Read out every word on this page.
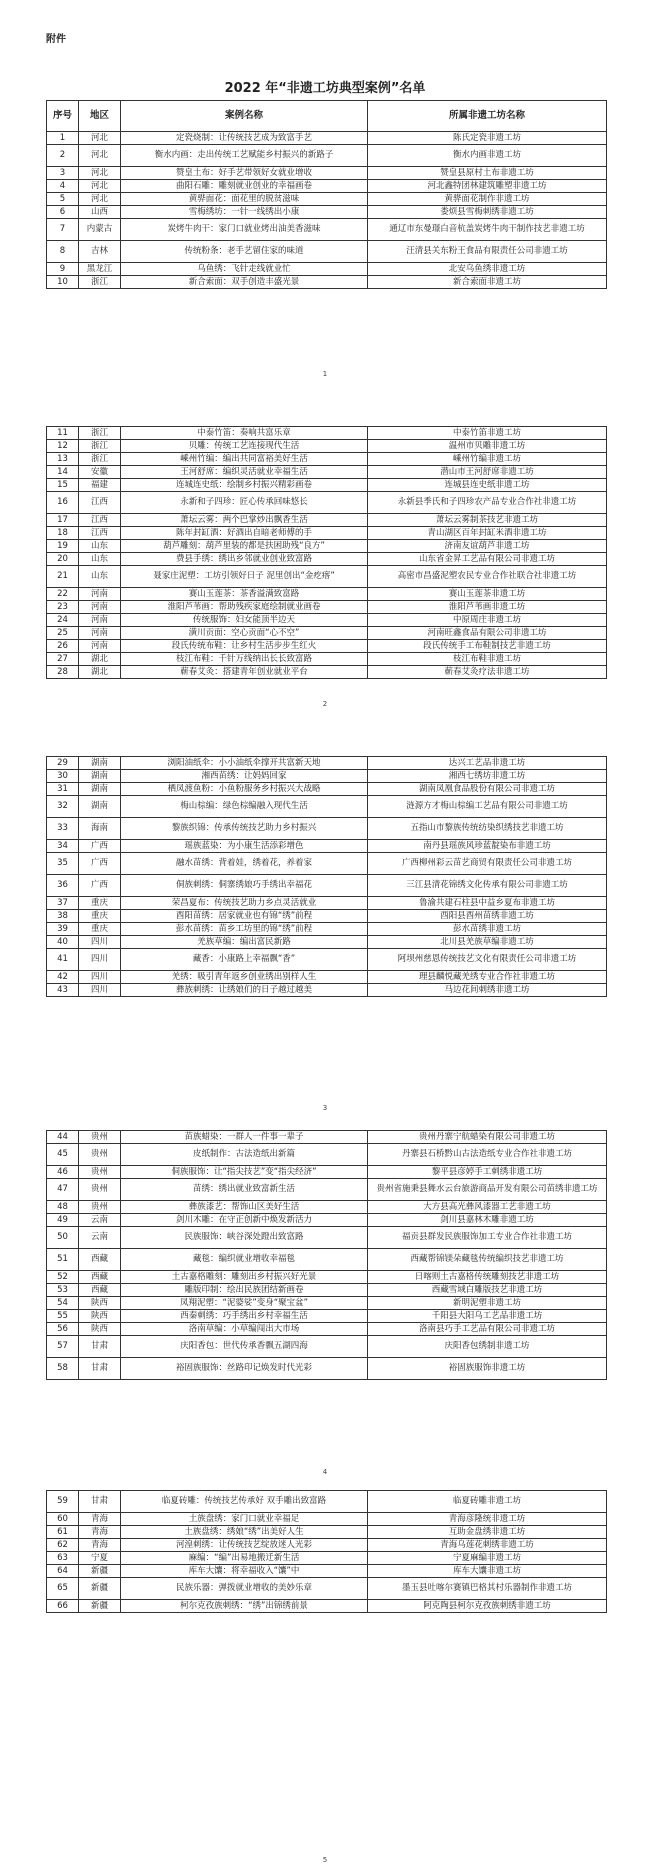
附件
2022 年“非遗工坊典型案例”名单
序号	地区	案例名称	所属非遗工坊名称
1	河北	定瓷烧制：让传统技艺成为致富手艺	陈氏定瓷非遗工坊
2	河北	衡水内画：走出传统工艺赋能乡村振兴的新路子	衡水内画非遗工坊
3	河北	赞皇土布：好手艺带领好女就业增收	赞皇县原村土布非遗工坊
4	河北	曲阳石雕：雕刻就业创业的幸福画卷	河北鑫特团林建筑雕塑非遗工坊
5	河北	黄骅面花：面花里的脱贫滋味	黄骅面花制作非遗工坊
6	山西	雪梅绣坊：一针一线绣出小康	娄烦县雪梅刺绣非遗工坊
7	内蒙古	炭烤牛肉干：家门口就业烤出油美香滋味	通辽市东曼璟白音杭盖炭烤牛肉干制作技艺非遗工坊
8	吉林	传统粉条：老手艺留住家的味道	汪清县关东粉王食品有限责任公司非遗工坊
9	黑龙江	乌鱼绣：飞针走线就业忙	北安乌鱼绣非遗工坊
10	浙江	新合索面：双手创造丰盛光景	新合索面非遗工坊
1
11	浙江	中泰竹笛：奏响共富乐章	中泰竹笛非遗工坊
12	浙江	贝雕：传统工艺连接现代生活	温州市贝雕非遗工坊
13	浙江	嵊州竹编：编出共同富裕美好生活	嵊州竹编非遗工坊
14	安徽	王河舒席：编织灵活就业幸福生活	潜山市王河舒席非遗工坊
15	福建	连城连史纸：绘制乡村振兴精彩画卷	连城县连史纸非遗工坊
16	江西	永新和子四珍：匠心传承回味悠长	永新县季氏和子四珍农产品专业合作社非遗工坊
17	江西	萧坛云雾：两个巴掌炒出飘香生活	萧坛云雾制茶技艺非遗工坊
18	江西	陈年封缸酒：好酒出自暗老师傅的手	青山湖区百年封缸米酒非遗工坊
19	山东	葫芦雕刻：葫芦里装的都是扶困助残“良方”	济南友谊葫芦非遗工坊
20	山东	费县手绣：绣出乡邻就业创业致富路	山东省金昇工艺品有限公司非遗工坊
21	山东	聂家庄泥塑：工坊引领好日子 泥里创出“金疙瘩”	高密市昌盛泥塑农民专业合作社联合社非遗工坊
22	河南	赛山玉莲茶：茶香溢满致富路	赛山玉莲茶非遗工坊
23	河南	淮阳芦苇画：帮助残疾家庭绘制就业画卷	淮阳芦苇画非遗工坊
24	河南	传统服饰：妇女能顶半边天	中原周庄非遗工坊
25	河南	潢川贡面：空心贡面“心不空”	河南旺鑫食品有限公司非遗工坊
26	河南	段氏传统布鞋：让乡村生活步步生红火	段氏传统手工布鞋制技艺非遗工坊
27	湖北	枝江布鞋：千针万线纳出长长致富路	枝江布鞋非遗工坊
28	湖北	蕲春艾灸：搭建青年创业就业平台	蕲春艾灸疗法非遗工坊
2
29	湖南	浏阳油纸伞：小小油纸伞撑开共富新天地	达兴工艺品非遗工坊
30	湖南	湘西苗绣：让妈妈回家	湘西七绣坊非遗工坊
31	湖南	栖凤渡鱼粉：小鱼粉服务乡村振兴大战略	湖南凤凰食品股份有限公司非遗工坊
32	湖南	梅山棕编：绿色棕编融入现代生活	涟源方才梅山棕编工艺品有限公司非遗工坊
33	海南	黎族织锦：传承传统技艺助力乡村振兴	五指山市黎族传统纺染织绣技艺非遗工坊
34	广西	瑶族蓝染：为小康生活添彩增色	南丹县瑶族风珍蓝靛染布非遗工坊
35	广西	融水苗绣：背着娃，绣着花，养着家	广西柳州彩云苗艺商贸有限责任公司非遗工坊
36	广西	侗族刺绣：侗寨绣娘巧手绣出幸福花	三江县清花锦绣文化传承有限公司非遗工坊
37	重庆	荣昌夏布：传统技艺助力乡点灵活就业	鲁渝共建石柱县中益乡夏布非遗工坊
38	重庆	酉阳苗绣：居家就业也有锦“绣”前程	酉阳县酉州苗绣非遗工坊
39	重庆	彭水苗绣：苗乡工坊里的锦“绣”前程	彭水苗绣非遗工坊
40	四川	羌族草编：编出富民新路	北川县羌族草编非遗工坊
41	四川	藏香：小康路上幸福飘“香”	阿坝州慈恩传统技艺文化有限责任公司非遗工坊
42	四川	羌绣：吸引青年返乡创业绣出别样人生	理县麟悦藏羌绣专业合作社非遗工坊
43	四川	彝族刺绣：让绣娘们的日子越过越美	马边花间刺绣非遗工坊
3
44	贵州	苗族蜡染：一群人一件事一辈子	贵州丹寨宁航蜡染有限公司非遗工坊
45	贵州	皮纸制作：古法造纸出新篇	丹寨县石桥黔山古法造纸专业合作社非遗工坊
46	贵州	侗族服饰：让“指尖技艺”变“指尖经济”	黎平县彦婷手工刺绣非遗工坊
47	贵州	苗绣：绣出就业致富新生活	贵州省施秉县舞水云台旅游商品开发有限公司苗绣非遗工坊
48	贵州	彝族漆艺：帮饰山区美好生活	大方县高光彝风漆器工艺非遗工坊
49	云南	剑川木雕：在守正创新中焕发新活力	剑川县嘉林木雕非遗工坊
50	云南	民族服饰：峡谷深处蹬出致富路	福贡县群发民族服饰加工专业合作社非遗工坊
51	西藏	藏毯：编织就业增收幸福毯	西藏帮锦镁朵藏毯传统编织技艺非遗工坊
52	西藏	土古嘉格雕刻：雕刻出乡村振兴好光景	日喀则土古嘉格传统雕刻技艺非遗工坊
53	西藏	雕版印制：绘出民族团结新画卷	西藏雪域白雕版技艺非遗工坊
54	陕西	凤翔泥塑：“泥婆娑”变身“聚宝盆”	新明泥塑非遗工坊
55	陕西	西秦刺绣：巧手绣出乡村幸福生活	千阳县大阳乌工艺品非遗工坊
56	陕西	洛南草编：小草编闯出大市场	洛南县巧手工艺品有限公司非遗工坊
57	甘肃	庆阳香包：世代传承香飘五湖四海	庆阳香包绣制非遗工坊
58	甘肃	裕固族服饰：丝路印记焕发时代光彩	裕固族服饰非遗工坊
4
59	甘肃	临夏砖雕：传统技艺传承好 双手雕出致富路	临夏砖雕非遗工坊
60	青海	土族盘绣：家门口就业幸福足	青海彦隆统非遗工坊
61	青海	土族盘绣：绣娘“绣”出美好人生	互助金盘绣非遗工坊
62	青海	河湟刺绣：让传统技艺绽放迷人光彩	青海乌莲花刺绣非遗工坊
63	宁夏	麻编：“编”出易地搬迁新生活	宁夏麻编非遗工坊
64	新疆	库车大馕：将幸福收入“馕”中	库车大馕非遗工坊
65	新疆	民族乐器：弹拨就业增收的美妙乐章	墨玉县吐喀尔赛镇巴格其村乐器制作非遗工坊
66	新疆	柯尔克孜族刺绣：“绣”出锦绣前景	阿克陶县柯尔克孜族刺绣非遗工坊
5
